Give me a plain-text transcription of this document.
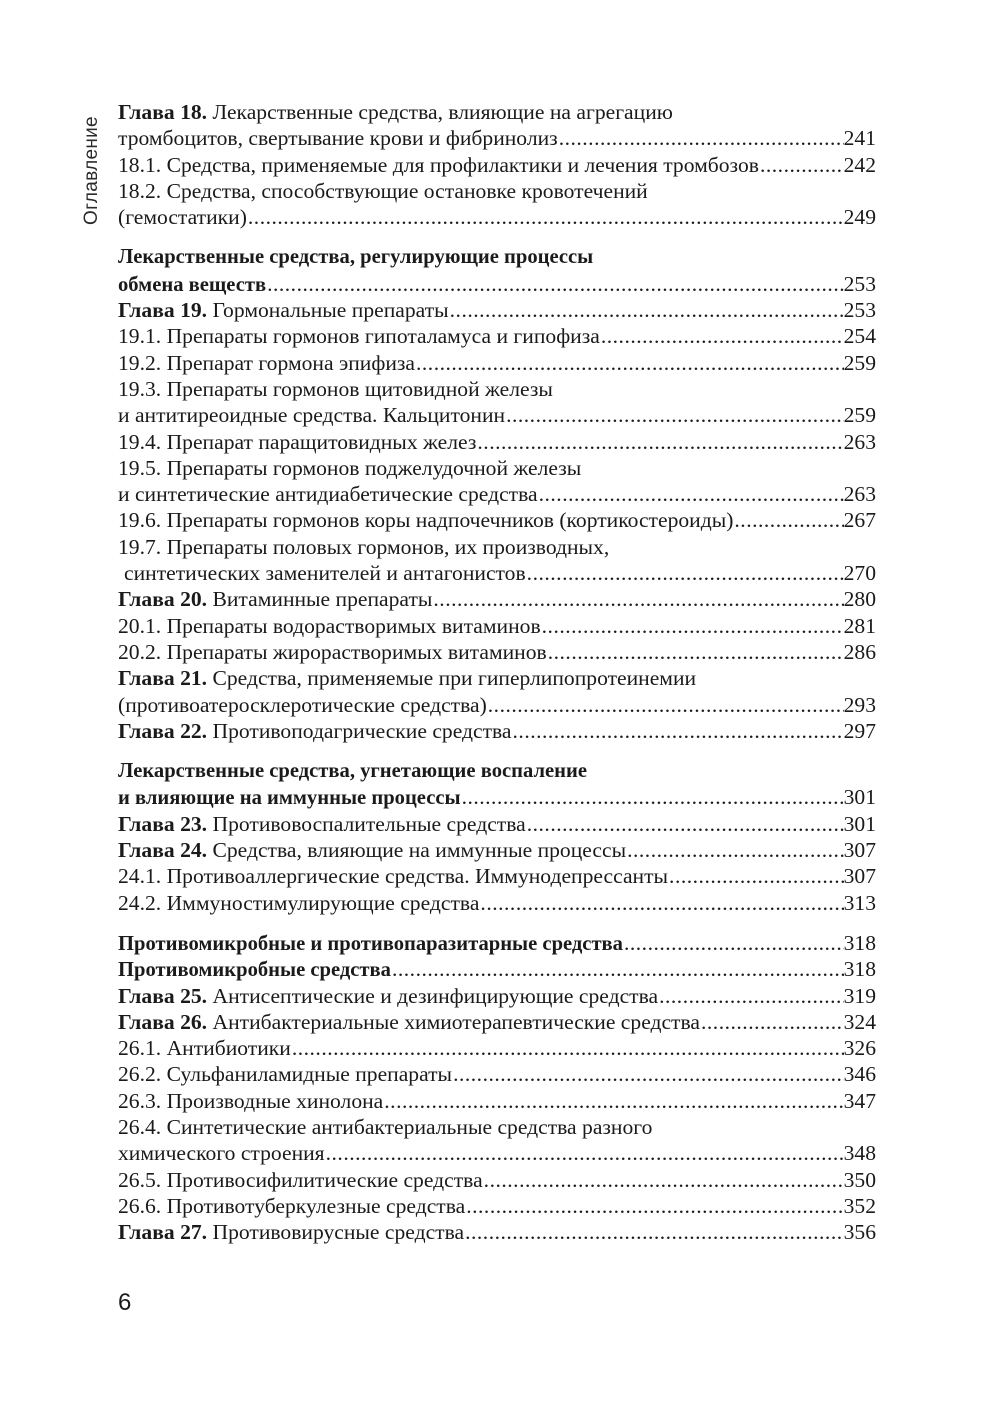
Оглавление
Глава 18. Лекарственные средства, влияющие на агрегацию
тромбоцитов, свертывание крови и фибринолиз .....	241
18.1. Средства, применяемые для профилактики и лечения тромбозов .....	242
18.2. Средства, способствующие остановке кровотечений
(гемостатики) .....	249
Лекарственные средства, регулирующие процессы
обмена веществ .....	253
Глава 19. Гормональные препараты .....	253
19.1. Препараты гормонов гипоталамуса и гипофиза .....	254
19.2. Препарат гормона эпифиза .....	259
19.3. Препараты гормонов щитовидной железы
и антитиреоидные средства. Кальцитонин .....	259
19.4. Препарат паращитовидных желез .....	263
19.5. Препараты гормонов поджелудочной железы
и синтетические антидиабетические средства .....	263
19.6. Препараты гормонов коры надпочечников (кортикостероиды) .....	267
19.7. Препараты половых гормонов, их производных,
синтетических заменителей и антагонистов .....	270
Глава 20. Витаминные препараты .....	280
20.1. Препараты водорастворимых витаминов .....	281
20.2. Препараты жирорастворимых витаминов .....	286
Глава 21. Средства, применяемые при гиперлипопротеинемии
(противоатеросклеротические средства) .....	293
Глава 22. Противоподагрические средства .....	297
Лекарственные средства, угнетающие воспаление
и влияющие на иммунные процессы .....	301
Глава 23. Противовоспалительные средства .....	301
Глава 24. Средства, влияющие на иммунные процессы .....	307
24.1. Противоаллергические средства. Иммунодепрессанты .....	307
24.2. Иммуностимулирующие средства .....	313
Противомикробные и противопаразитарные средства .....	318
Противомикробные средства .....	318
Глава 25. Антисептические и дезинфицирующие средства .....	319
Глава 26. Антибактериальные химиотерапевтические средства .....	324
26.1. Антибиотики .....	326
26.2. Сульфаниламидные препараты .....	346
26.3. Производные хинолона .....	347
26.4. Синтетические антибактериальные средства разного
химического строения .....	348
26.5. Противосифилитические средства .....	350
26.6. Противотуберкулезные средства .....	352
Глава 27. Противовирусные средства .....	356
6
